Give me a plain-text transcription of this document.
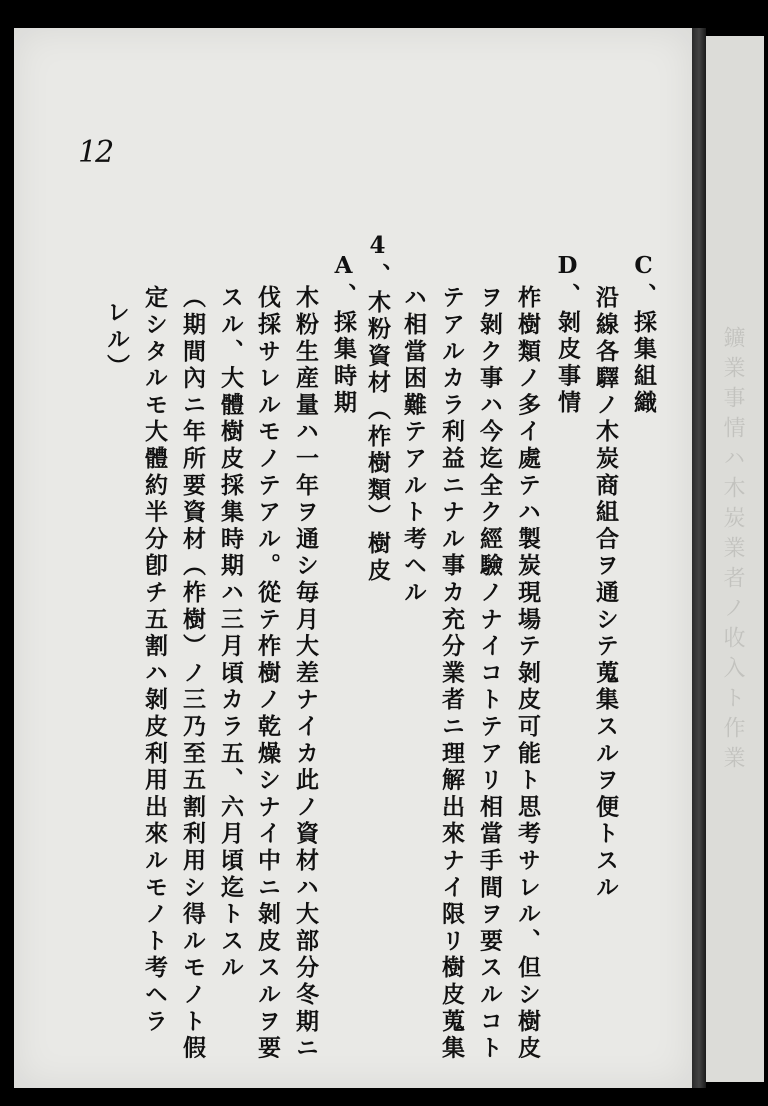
鑛業事情ハ木炭業者ノ收入ト作業
12
C、採集組織
沿線各驛ノ木炭商組合ヲ通シテ蒐集スルヲ便トスル
D、剝皮事情
柞樹類ノ多イ處テハ製炭現場テ剝皮可能ト思考サレル、但シ樹皮
ヲ剝ク事ハ今迄全ク經驗ノナイコトテアリ相當手間ヲ要スルコト
テアルカラ利益ニナル事カ充分業者ニ理解出來ナイ限リ樹皮蒐集
ハ相當困難テアルト考ヘル
4、木粉資材（柞樹類）樹皮
A、採集時期
木粉生産量ハ一年ヲ通シ毎月大差ナイカ此ノ資材ハ大部分冬期ニ
伐採サレルモノテアル。從テ柞樹ノ乾燥シナイ中ニ剝皮スルヲ要
スル、大體樹皮採集時期ハ三月頃カラ五、六月頃迄トスル
（期間內ニ年所要資材（柞樹）ノ三乃至五割利用シ得ルモノト假
定シタルモ大體約半分卽チ五割ハ剝皮利用出來ルモノト考ヘラ
レル）
